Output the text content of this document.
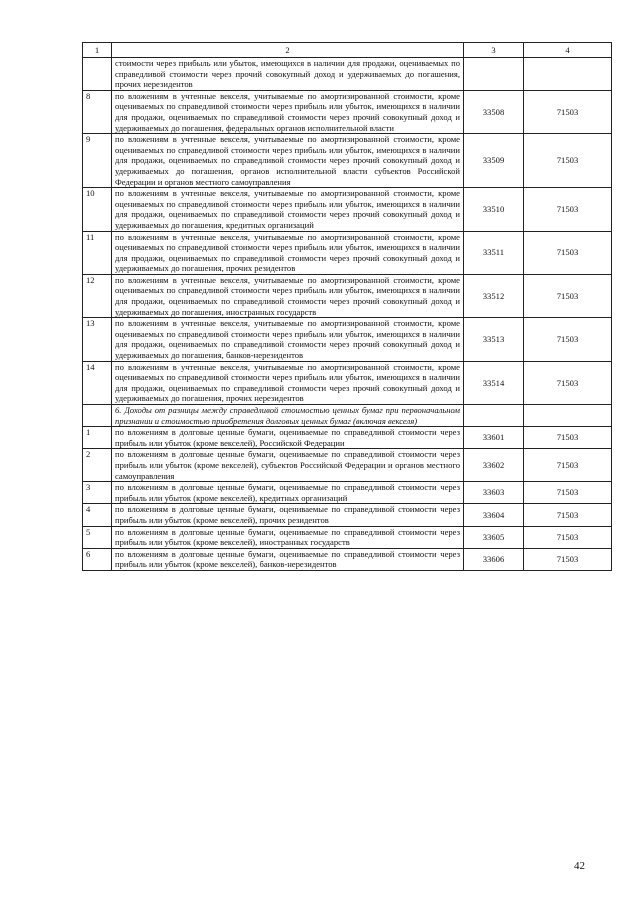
1	2	3	4
	стоимости через прибыль или убыток, имеющихся в наличии для продажи, оцениваемых по справедливой стоимости через прочий совокупный доход и удерживаемых до погашения, прочих нерезидентов		
8	по вложениям в учтенные векселя, учитываемые по амортизированной стоимости, кроме оцениваемых по справедливой стоимости через прибыль или убыток, имеющихся в наличии для продажи, оцениваемых по справедливой стоимости через прочий совокупный доход и удерживаемых до погашения, федеральных органов исполнительной власти	33508	71503
9	по вложениям в учтенные векселя, учитываемые по амортизированной стоимости, кроме оцениваемых по справедливой стоимости через прибыль или убыток, имеющихся в наличии для продажи, оцениваемых по справедливой стоимости через прочий совокупный доход и удерживаемых до погашения, органов исполнительной власти субъектов Российской Федерации и органов местного самоуправления	33509	71503
10	по вложениям в учтенные векселя, учитываемые по амортизированной стоимости, кроме оцениваемых по справедливой стоимости через прибыль или убыток, имеющихся в наличии для продажи, оцениваемых по справедливой стоимости через прочий совокупный доход и удерживаемых до погашения, кредитных организаций	33510	71503
11	по вложениям в учтенные векселя, учитываемые по амортизированной стоимости, кроме оцениваемых по справедливой стоимости через прибыль или убыток, имеющихся в наличии для продажи, оцениваемых по справедливой стоимости через прочий совокупный доход и удерживаемых до погашения, прочих резидентов	33511	71503
12	по вложениям в учтенные векселя, учитываемые по амортизированной стоимости, кроме оцениваемых по справедливой стоимости через прибыль или убыток, имеющихся в наличии для продажи, оцениваемых по справедливой стоимости через прочий совокупный доход и удерживаемых до погашения, иностранных государств	33512	71503
13	по вложениям в учтенные векселя, учитываемые по амортизированной стоимости, кроме оцениваемых по справедливой стоимости через прибыль или убыток, имеющихся в наличии для продажи, оцениваемых по справедливой стоимости через прочий совокупный доход и удерживаемых до погашения, банков-нерезидентов	33513	71503
14	по вложениям в учтенные векселя, учитываемые по амортизированной стоимости, кроме оцениваемых по справедливой стоимости через прибыль или убыток, имеющихся в наличии для продажи, оцениваемых по справедливой стоимости через прочий совокупный доход и удерживаемых до погашения, прочих нерезидентов	33514	71503
	6. Доходы от разницы между справедливой стоимостью ценных бумаг при первоначальном признании и стоимостью приобретения долговых ценных бумаг (включая векселя)		
1	по вложениям в долговые ценные бумаги, оцениваемые по справедливой стоимости через прибыль или убыток (кроме векселей), Российской Федерации	33601	71503
2	по вложениям в долговые ценные бумаги, оцениваемые по справедливой стоимости через прибыль или убыток (кроме векселей), субъектов Российской Федерации и органов местного самоуправления	33602	71503
3	по вложениям в долговые ценные бумаги, оцениваемые по справедливой стоимости через прибыль или убыток (кроме векселей), кредитных организаций	33603	71503
4	по вложениям в долговые ценные бумаги, оцениваемые по справедливой стоимости через прибыль или убыток (кроме векселей), прочих резидентов	33604	71503
5	по вложениям в долговые ценные бумаги, оцениваемые по справедливой стоимости через прибыль или убыток (кроме векселей), иностранных государств	33605	71503
6	по вложениям в долговые ценные бумаги, оцениваемые по справедливой стоимости через прибыль или убыток (кроме векселей), банков-нерезидентов	33606	71503
42
